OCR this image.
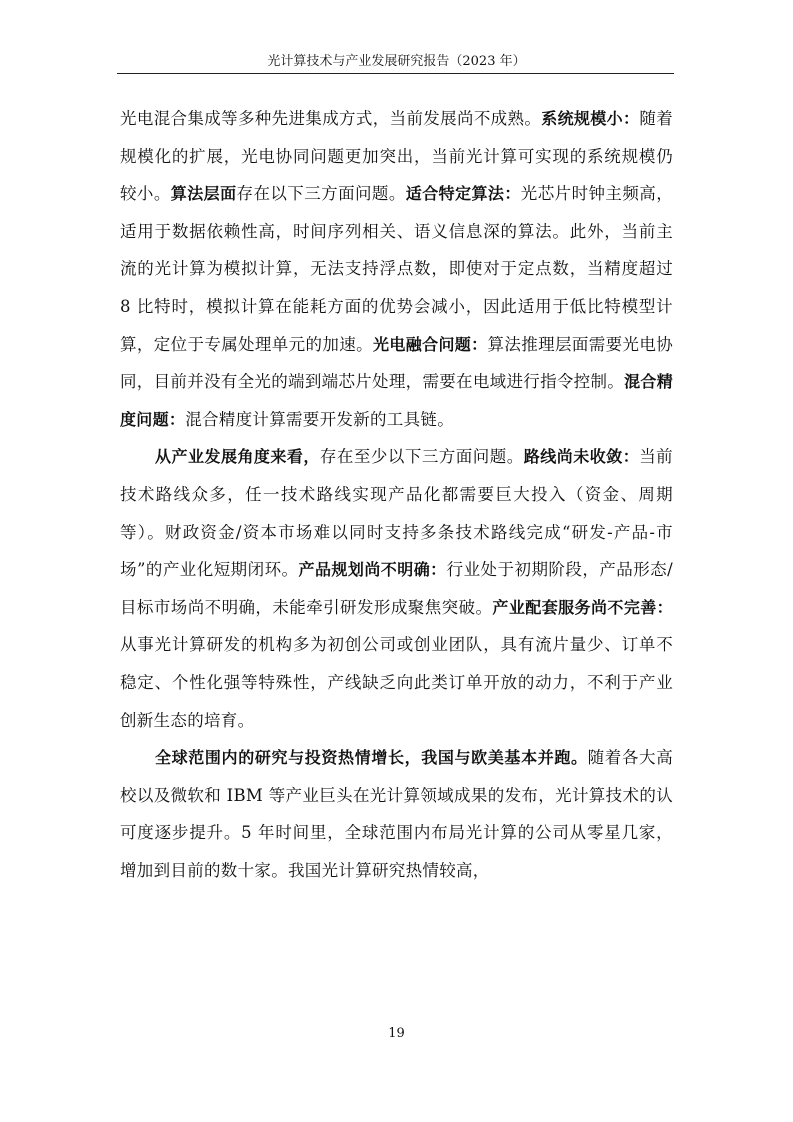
光计算技术与产业发展研究报告（2023 年）

光电混合集成等多种先进集成方式，当前发展尚不成熟。系统规模小：随着规模化的扩展，光电协同问题更加突出，当前光计算可实现的系统规模仍较小。算法层面存在以下三方面问题。适合特定算法：光芯片时钟主频高，适用于数据依赖性高，时间序列相关、语义信息深的算法。此外，当前主流的光计算为模拟计算，无法支持浮点数，即使对于定点数，当精度超过 8 比特时，模拟计算在能耗方面的优势会减小，因此适用于低比特模型计算，定位于专属处理单元的加速。光电融合问题：算法推理层面需要光电协同，目前并没有全光的端到端芯片处理，需要在电域进行指令控制。混合精度问题：混合精度计算需要开发新的工具链。

从产业发展角度来看，存在至少以下三方面问题。路线尚未收敛：当前技术路线众多，任一技术路线实现产品化都需要巨大投入（资金、周期等）。财政资金/资本市场难以同时支持多条技术路线完成“研发-产品-市场”的产业化短期闭环。产品规划尚不明确：行业处于初期阶段，产品形态/目标市场尚不明确，未能牵引研发形成聚焦突破。产业配套服务尚不完善：从事光计算研发的机构多为初创公司或创业团队，具有流片量少、订单不稳定、个性化强等特殊性，产线缺乏向此类订单开放的动力，不利于产业创新生态的培育。

全球范围内的研究与投资热情增长，我国与欧美基本并跑。随着各大高校以及微软和 IBM 等产业巨头在光计算领域成果的发布，光计算技术的认可度逐步提升。5 年时间里，全球范围内布局光计算的公司从零星几家，增加到目前的数十家。我国光计算研究热情较高，

19
